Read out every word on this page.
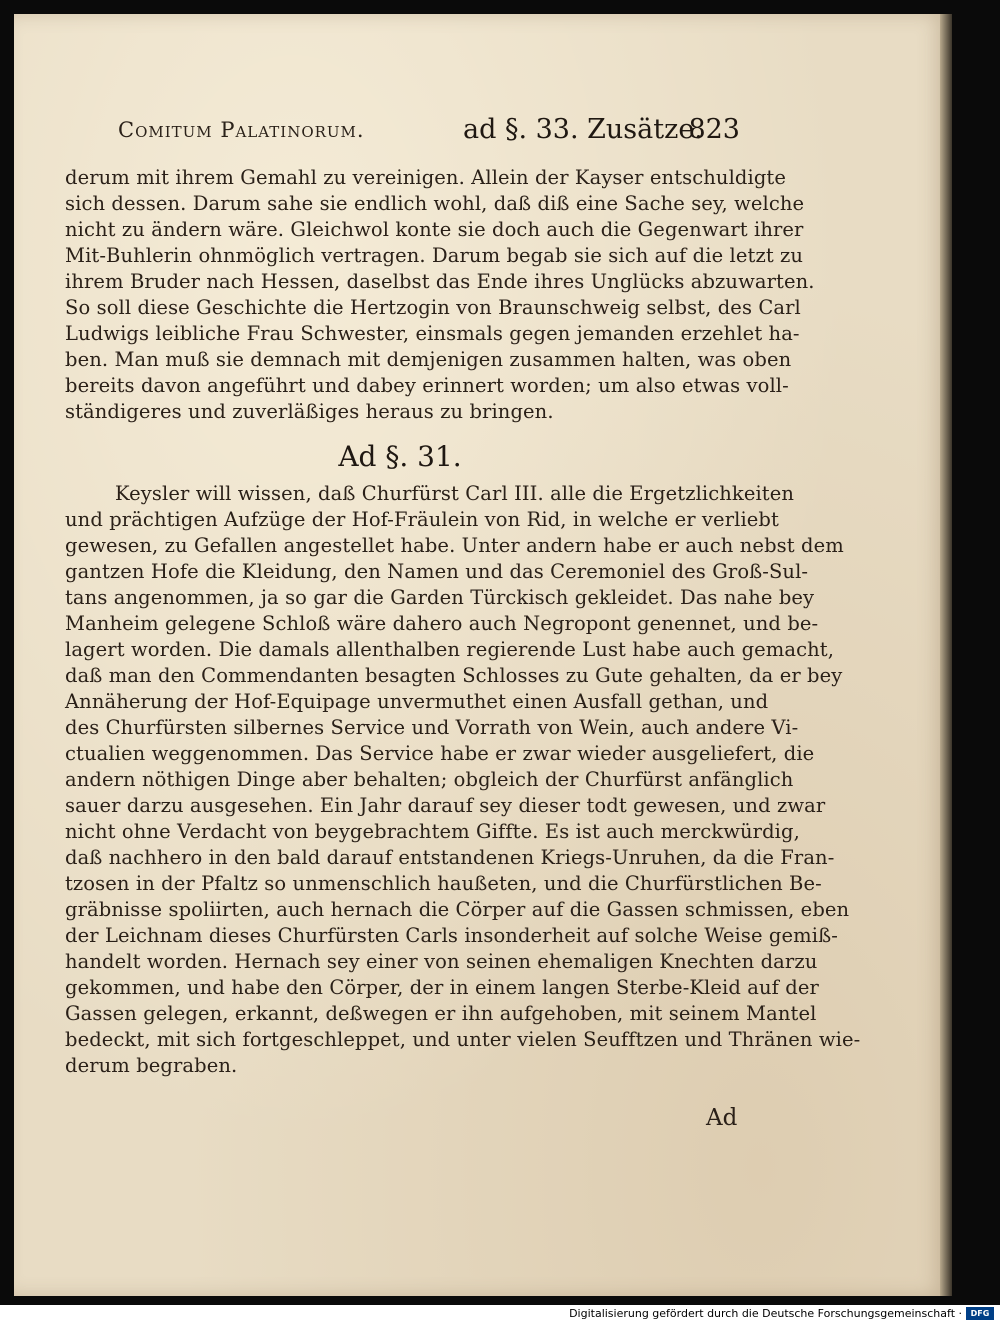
Comitum Palatinorum.	ad §. 33. Zusätze.
823
derum mit ihrem Gemahl zu vereinigen. Allein der Kayser entschuldigte
sich dessen. Darum sahe sie endlich wohl, daß diß eine Sache sey, welche
nicht zu ändern wäre. Gleichwol konte sie doch auch die Gegenwart ihrer
Mit-Buhlerin ohnmöglich vertragen. Darum begab sie sich auf die letzt zu
ihrem Bruder nach Hessen, daselbst das Ende ihres Unglücks abzuwarten.
So soll diese Geschichte die Hertzogin von Braunschweig selbst, des Carl
Ludwigs leibliche Frau Schwester, einsmals gegen jemanden erzehlet ha-
ben. Man muß sie demnach mit demjenigen zusammen halten, was oben
bereits davon angeführt und dabey erinnert worden; um also etwas voll-
ständigeres und zuverläßiges heraus zu bringen.
Ad §. 31.
Keysler will wissen, daß Churfürst Carl III. alle die Ergetzlichkeiten
und prächtigen Aufzüge der Hof-Fräulein von Rid, in welche er verliebt
gewesen, zu Gefallen angestellet habe. Unter andern habe er auch nebst dem
gantzen Hofe die Kleidung, den Namen und das Ceremoniel des Groß-Sul-
tans angenommen, ja so gar die Garden Türckisch gekleidet. Das nahe bey
Manheim gelegene Schloß wäre dahero auch Negropont genennet, und be-
lagert worden. Die damals allenthalben regierende Lust habe auch gemacht,
daß man den Commendanten besagten Schlosses zu Gute gehalten, da er bey
Annäherung der Hof-Equipage unvermuthet einen Ausfall gethan, und
des Churfürsten silbernes Service und Vorrath von Wein, auch andere Vi-
ctualien weggenommen. Das Service habe er zwar wieder ausgeliefert, die
andern nöthigen Dinge aber behalten; obgleich der Churfürst anfänglich
sauer darzu ausgesehen. Ein Jahr darauf sey dieser todt gewesen, und zwar
nicht ohne Verdacht von beygebrachtem Giffte. Es ist auch merckwürdig,
daß nachhero in den bald darauf entstandenen Kriegs-Unruhen, da die Fran-
tzosen in der Pfaltz so unmenschlich haußeten, und die Churfürstlichen Be-
gräbnisse spoliirten, auch hernach die Cörper auf die Gassen schmissen, eben
der Leichnam dieses Churfürsten Carls insonderheit auf solche Weise gemiß-
handelt worden. Hernach sey einer von seinen ehemaligen Knechten darzu
gekommen, und habe den Cörper, der in einem langen Sterbe-Kleid auf der
Gassen gelegen, erkannt, deßwegen er ihn aufgehoben, mit seinem Mantel
bedeckt, mit sich fortgeschleppet, und unter vielen Seufftzen und Thränen wie-
derum begraben.
Ad
Digitalisierung gefördert durch die Deutsche Forschungsgemeinschaft ·	DFG
